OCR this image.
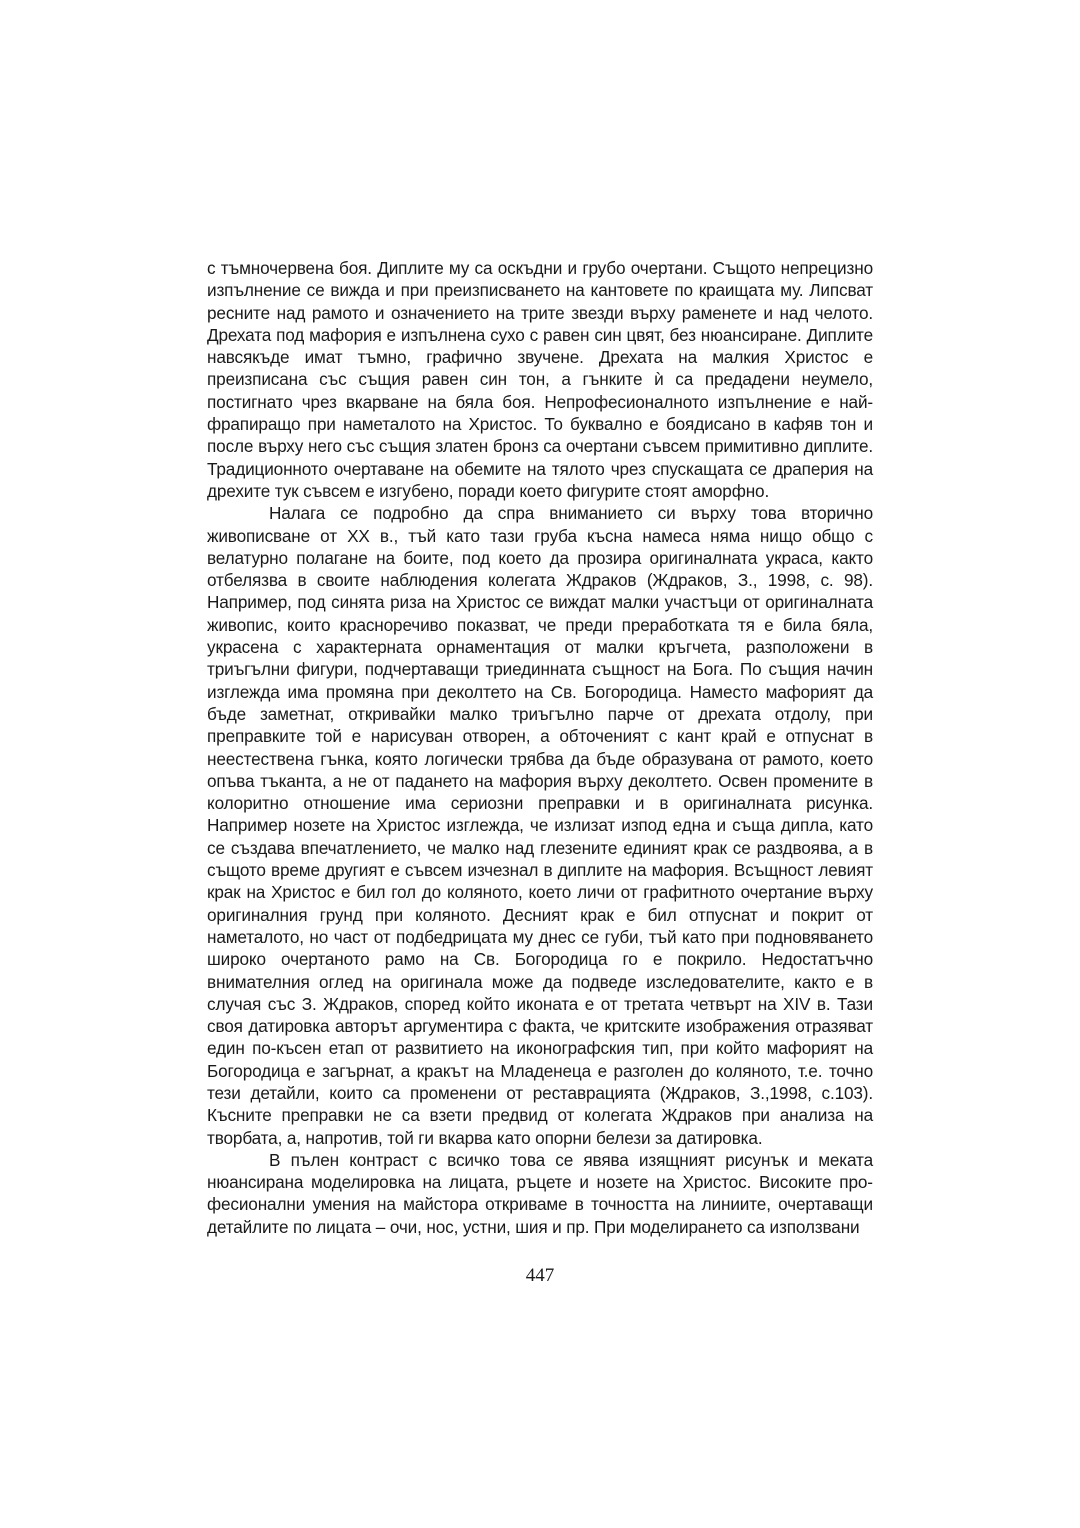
с тъмночервена боя. Диплите му са оскъдни и грубо очертани. Същото непрецизно изпълнение се вижда и при преизписването на кантовете по краищата му. Липсват ресните над рамото и означението на трите звезди върху раменете и над челото. Дрехата под мафория е изпълнена сухо с равен син цвят, без нюансиране. Диплите навсякъде имат тъмно, графично звучене. Дрехата на малкия Христос е преизписана със същия равен син тон, а гънките ѝ са предадени неумело, постигнато чрез вкарване на бяла боя. Непрофесионалното изпълнение е най-фрапиращо при наметалото на Христос. То буквално е боядисано в кафяв тон и после върху него със същия златен бронз са очертани съвсем примитивно диплите. Традиционното очертаване на обемите на тялото чрез спускащата се драперия на дрехите тук съвсем е изгубено, поради което фигурите стоят аморфно.

Налага се подробно да спра вниманието си върху това вторично живописване от XX в., тъй като тази груба късна намеса няма нищо общо с велатурно полагане на боите, под което да прозира оригиналната украса, както отбелязва в своите наблюдения колегата Ждраков (Ждраков, З., 1998, с. 98). Например, под синята риза на Христос се виждат малки участъци от оригиналната живопис, които красноречиво показват, че преди преработката тя е била бяла, украсена с характерната орнаментация от малки кръгчета, разположени в триъгълни фигури, подчертаващи триединната същност на Бога. По същия начин изглежда има промяна при деколтето на Св. Богородица. Наместо мафорият да бъде заметнат, откривайки малко триъгълно парче от дрехата отдолу, при преправките той е нарисуван отворен, а обточеният с кант край е отпуснат в неестествена гънка, която логически трябва да бъде образувана от рамото, което опъва тъканта, а не от падането на мафория върху деколтето. Освен промените в колоритно отношение има сериозни преправки и в оригиналната рисунка. Например нозете на Христос изглежда, че излизат изпод една и съща дипла, като се създава впечатлението, че малко над глезените единият крак се раздвоява, а в същото време другият е съвсем изчезнал в диплите на мафория. Всъщност левият крак на Христос е бил гол до коляното, което личи от графитното очертание върху оригиналния грунд при коляното. Десният крак е бил отпуснат и покрит от наметалото, но част от подбедрицата му днес се губи, тъй като при подновяването широко очертаното рамо на Св. Богородица го е покрило. Недостатъчно внимателния оглед на оригинала може да подведе изследователите, както е в случая със З. Ждраков, според който иконата е от третата четвърт на XIV в. Тази своя датировка авторът аргументира с факта, че критските изображения отразяват един по-късен етап от развитието на иконографския тип, при който мафорият на Богородица е загърнат, а кракът на Младенеца е разголен до коляното, т.е. точно тези детайли, които са променени от реставрацията (Ждраков, З.,1998, с.103). Късните преправки не са взети предвид от колегата Ждраков при анализа на творбата, а, напротив, той ги вкарва като опорни белези за датировка.

В пълен контраст с всичко това се явява изящният рисунък и меката нюансирана моделировка на лицата, ръцете и нозете на Христос. Високите професионални умения на майстора откриваме в точността на линиите, очертаващи детайлите по лицата – очи, нос, устни, шия и пр. При моделирането са използвани

447
